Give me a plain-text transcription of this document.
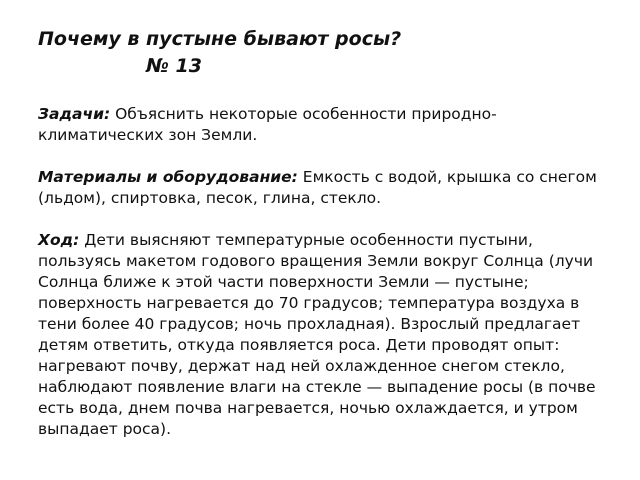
Почему в пустыне бывают росы?
№ 13

Задачи: Объяснить некоторые особенности природно-климатических зон Земли.

Материалы и оборудование: Емкость с водой, крышка со снегом (льдом), спиртовка, песок, глина, стекло.

Ход: Дети выясняют температурные особенности пустыни, пользуясь макетом годового вращения Земли вокруг Солнца (лучи Солнца ближе к этой части поверхности Земли — пустыне; поверхность нагревается до 70 градусов; температура воздуха в тени более 40 градусов; ночь прохладная). Взрослый предлагает детям ответить, откуда появляется роса. Дети проводят опыт: нагревают почву, держат над ней охлажденное снегом стекло, наблюдают появление влаги на стекле — выпадение росы (в почве есть вода, днем почва нагревается, ночью охлаждается, и утром выпадает роса).
